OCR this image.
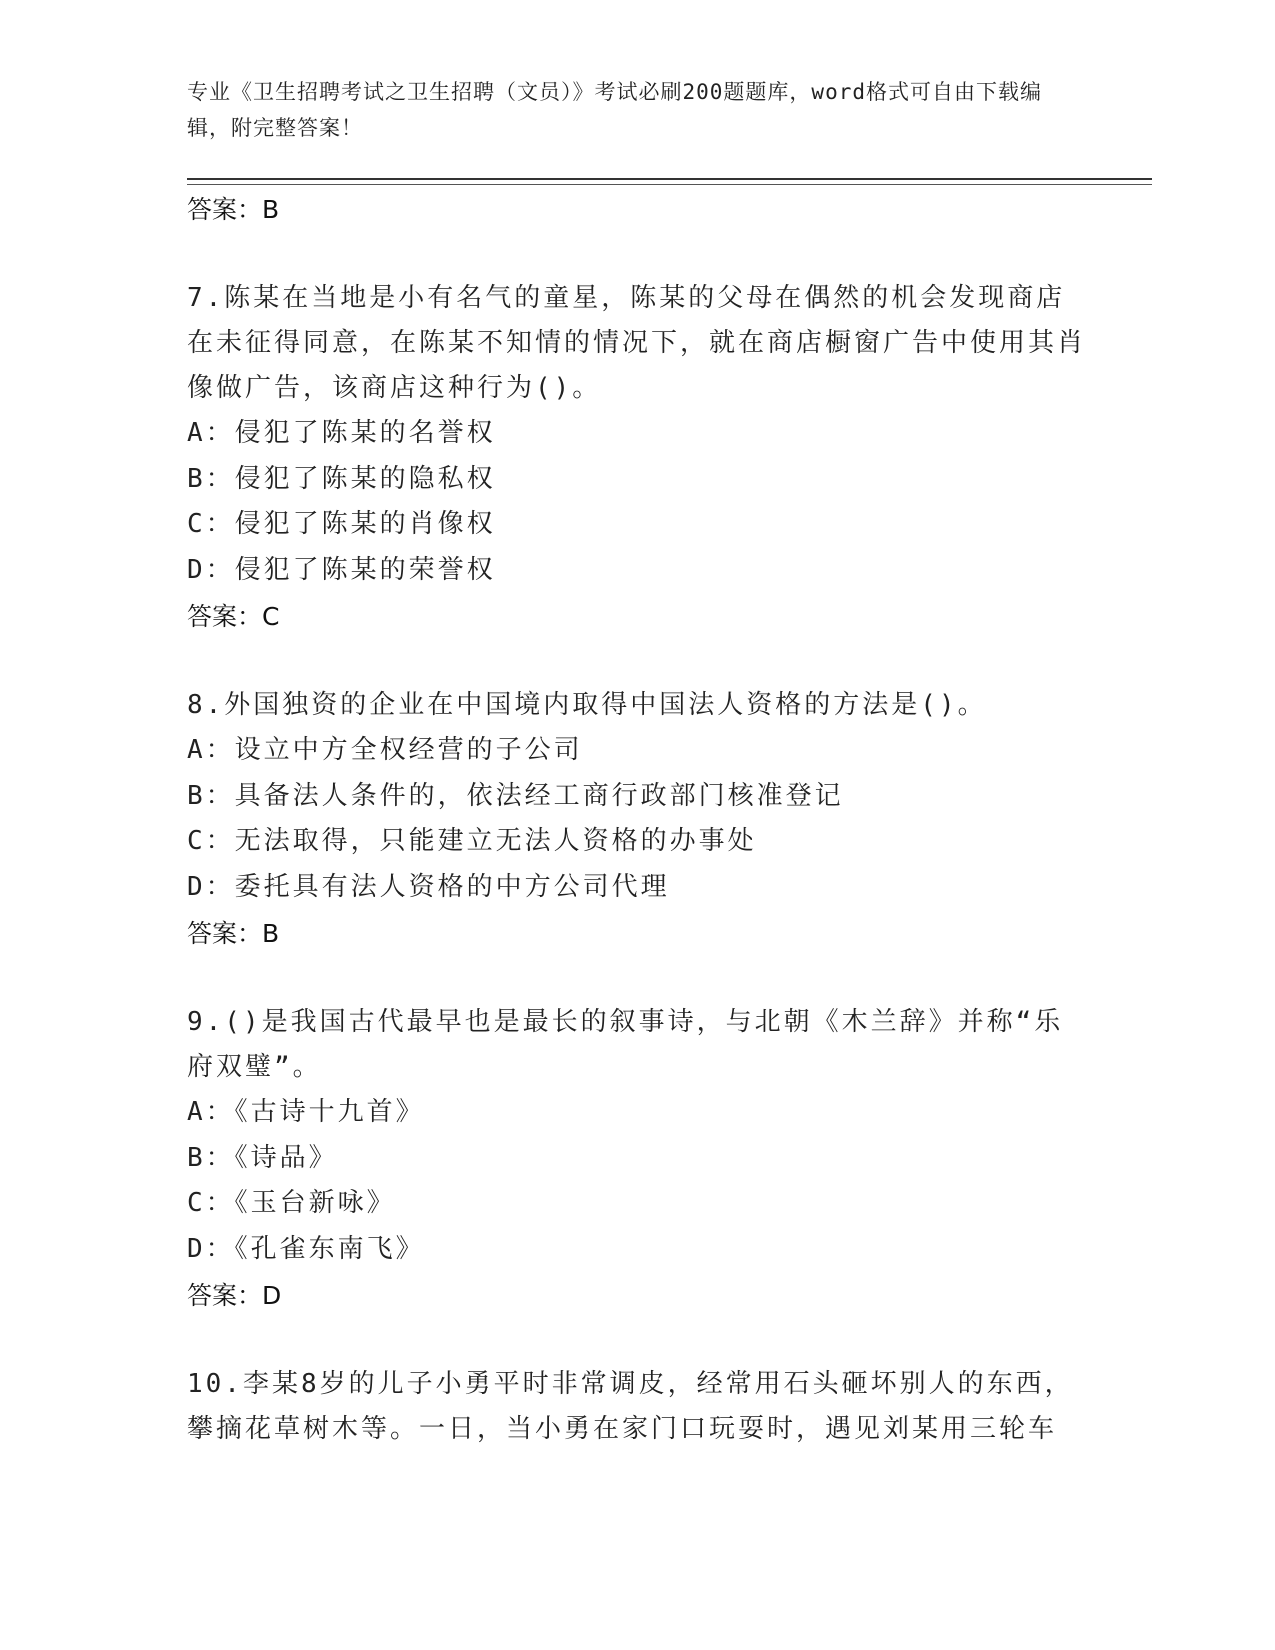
专业《卫生招聘考试之卫生招聘（文员）》考试必刷200题题库，word格式可自由下载编辑，附完整答案！
答案：B
7.陈某在当地是小有名气的童星，陈某的父母在偶然的机会发现商店在未征得同意，在陈某不知情的情况下，就在商店橱窗广告中使用其肖像做广告，该商店这种行为()。
A：侵犯了陈某的名誉权
B：侵犯了陈某的隐私权
C：侵犯了陈某的肖像权
D：侵犯了陈某的荣誉权
答案：C
8.外国独资的企业在中国境内取得中国法人资格的方法是()。
A：设立中方全权经营的子公司
B：具备法人条件的，依法经工商行政部门核准登记
C：无法取得，只能建立无法人资格的办事处
D：委托具有法人资格的中方公司代理
答案：B
9.()是我国古代最早也是最长的叙事诗，与北朝《木兰辞》并称“乐府双璧”。
A：《古诗十九首》
B：《诗品》
C：《玉台新咏》
D：《孔雀东南飞》
答案：D
10.李某8岁的儿子小勇平时非常调皮，经常用石头砸坏别人的东西，攀摘花草树木等。一日，当小勇在家门口玩耍时，遇见刘某用三轮车
